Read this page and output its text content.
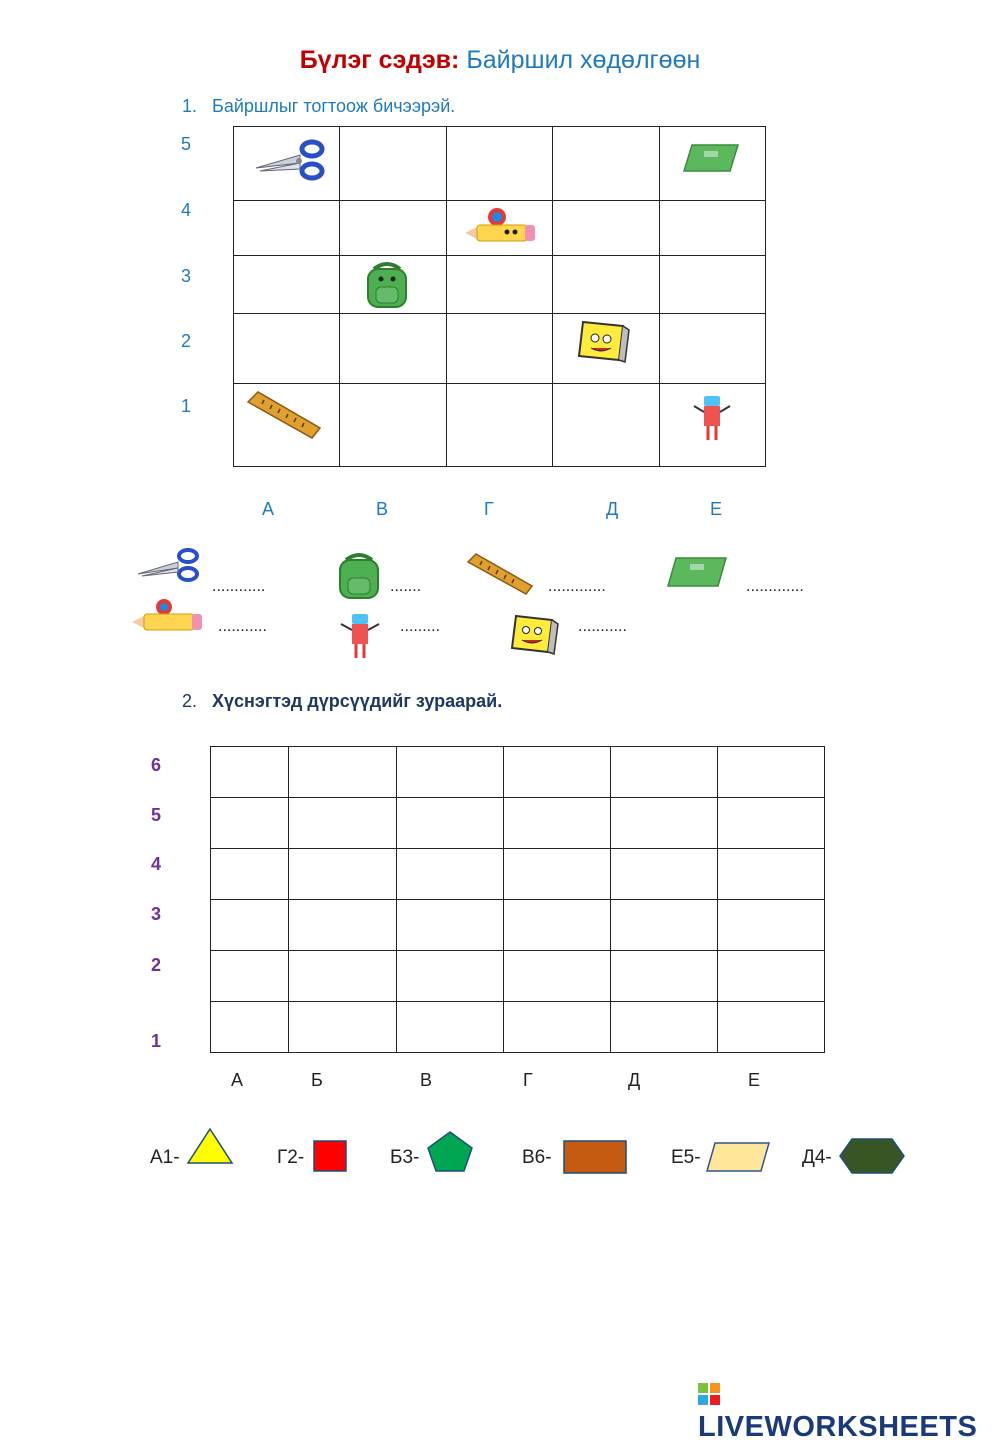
Бүлэг сэдэв: Байршил хөдөлгөөн
1. Байршлыг тогтоож бичээрэй.
5
4
3
2
1

А	В	Г	Д	Е
............	.......	.............	.............
...........	.........	...........
2. Хүснэгтэд дүрсүүдийг зураарай.
6
5
4
3
2
1

А	Б	В	Г	Д	Е
А1-	Г2-	Б3-	В6-	Е5-	Д4-
LIVEWORKSHEETS
